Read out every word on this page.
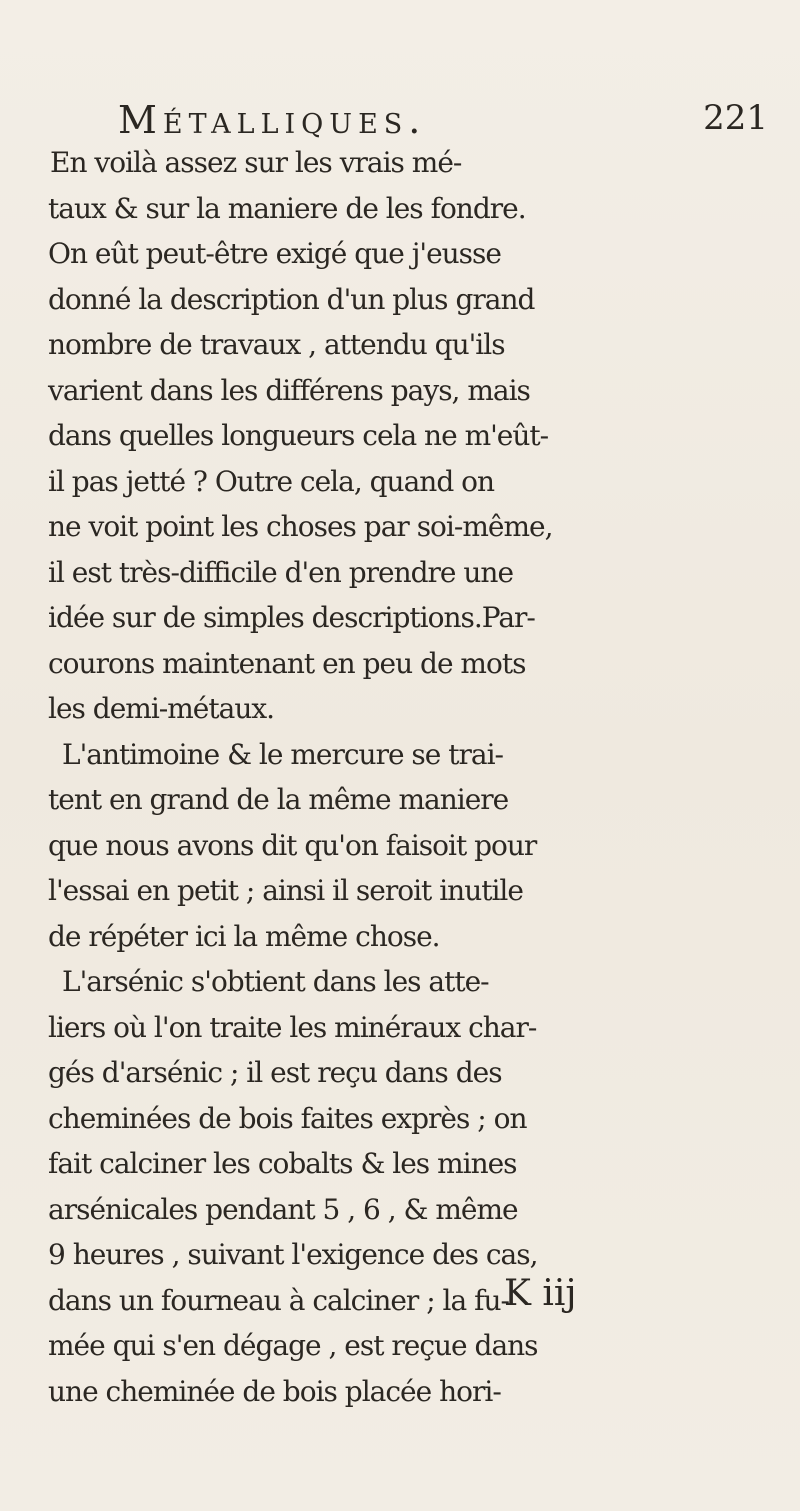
Métalliques.	221
En voilà assez sur les vrais mé-
taux & sur la maniere de les fondre.
On eût peut-être exigé que j'eusse
donné la description d'un plus grand
nombre de travaux , attendu qu'ils
varient dans les différens pays, mais
dans quelles longueurs cela ne m'eût-
il pas jetté ? Outre cela, quand on
ne voit point les choses par soi-même,
il est très-difficile d'en prendre une
idée sur de simples descriptions.Par-
courons maintenant en peu de mots
les demi-métaux.
L'antimoine & le mercure se trai-
tent en grand de la même maniere
que nous avons dit qu'on faisoit pour
l'essai en petit ; ainsi il seroit inutile
de répéter ici la même chose.
L'arsénic s'obtient dans les atte-
liers où l'on traite les minéraux char-
gés d'arsénic ; il est reçu dans des
cheminées de bois faites exprès ; on
fait calciner les cobalts & les mines
arsénicales pendant 5 , 6 , & même
9 heures , suivant l'exigence des cas,
dans un fourneau à calciner ; la fu-
mée qui s'en dégage , est reçue dans
une cheminée de bois placée hori-
K iij
